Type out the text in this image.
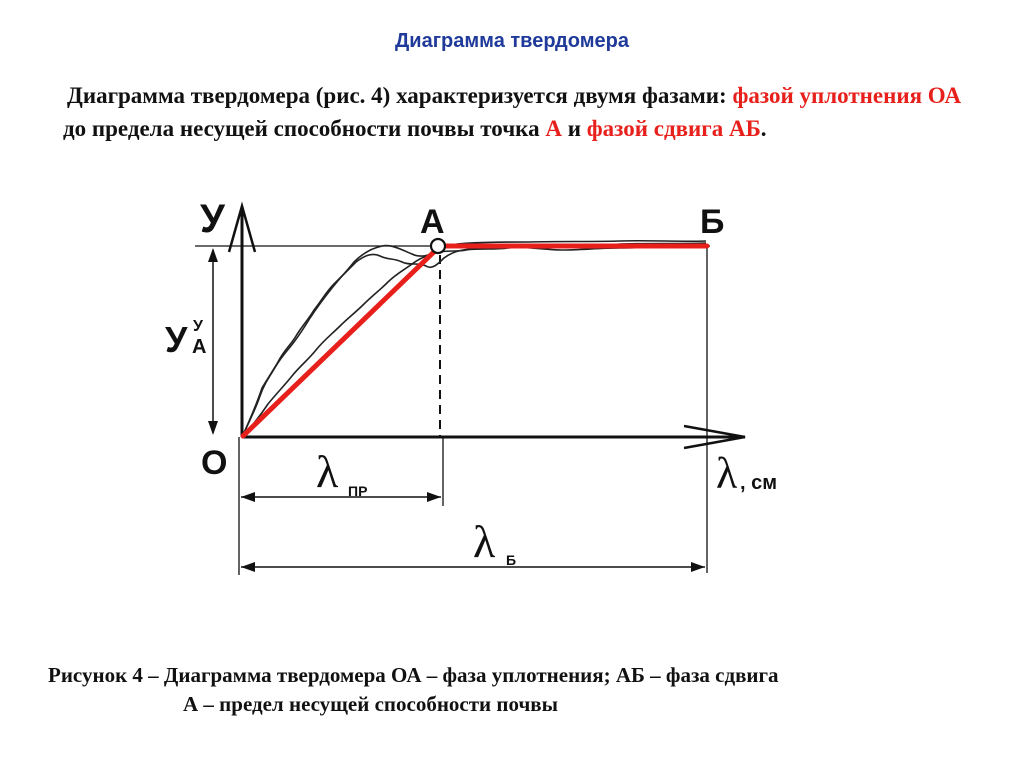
Диаграмма твердомера
Диаграмма твердомера (рис. 4) характеризуется двумя фазами: фазой уплотнения ОА до предела несущей способности почвы точка А и фазой сдвига АБ.
У	А	Б
О
У У
А
λ , см
λ ПР
λ Б
Рисунок 4 – Диаграмма твердомера ОА – фаза уплотнения; АБ – фаза сдвига
А – предел несущей способности почвы
